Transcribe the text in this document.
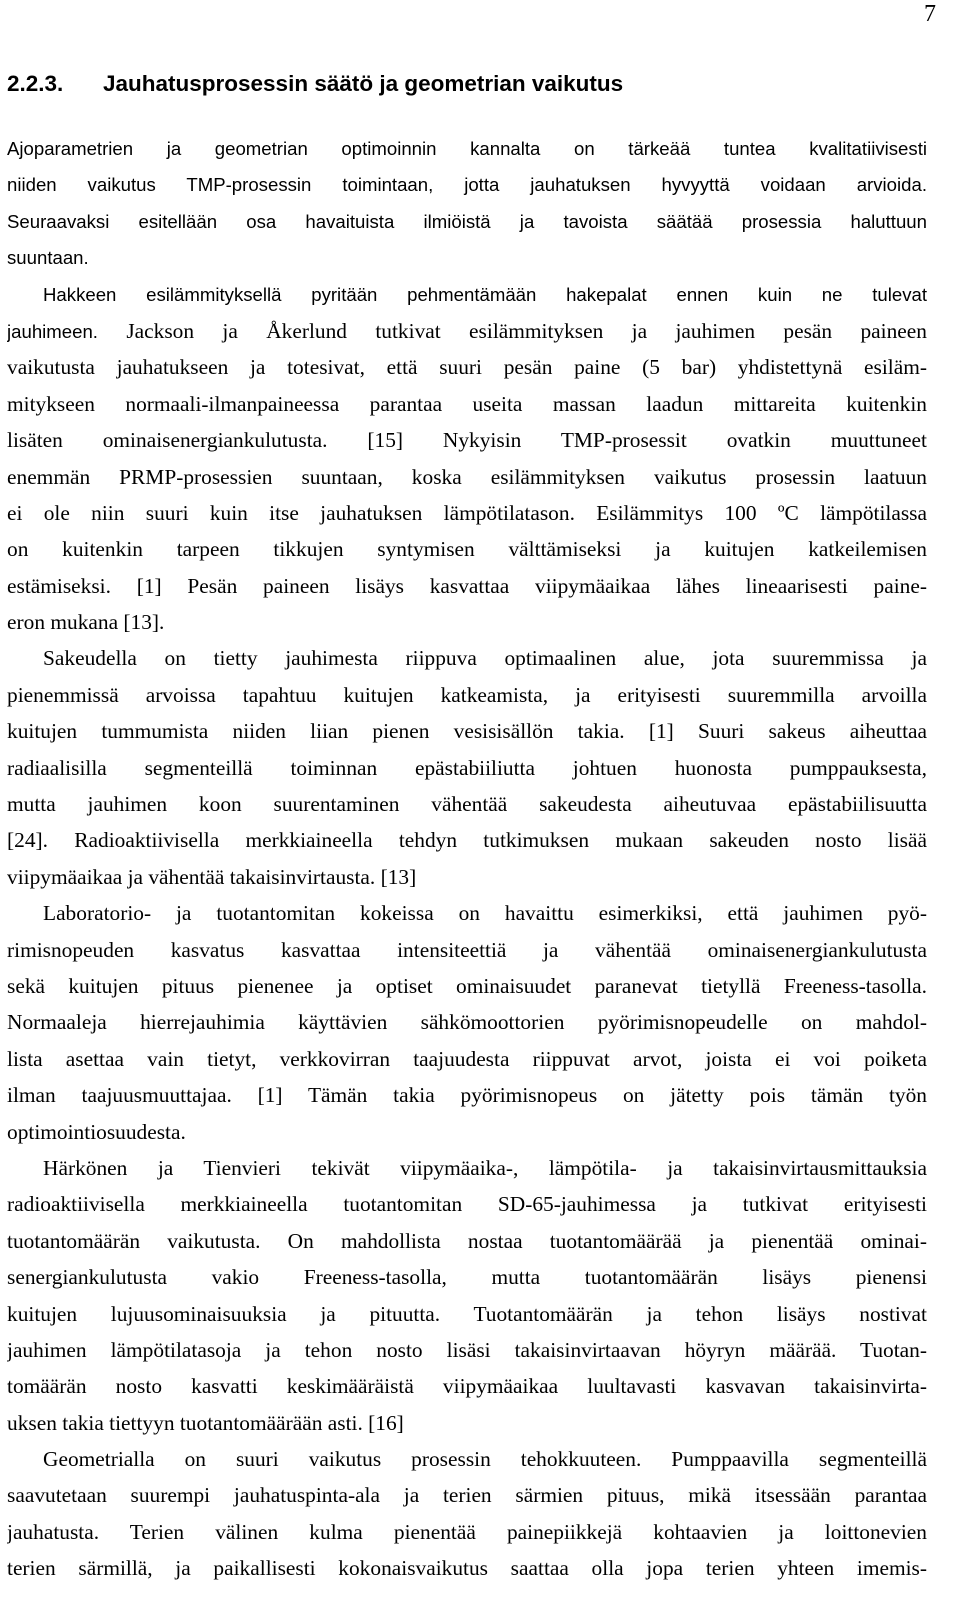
7
2.2.3. Jauhatusprosessin säätö ja geometrian vaikutus
Ajoparametrien ja geometrian optimoinnin kannalta on tärkeää tuntea kvalitatiivisesti
niiden vaikutus TMP-prosessin toimintaan, jotta jauhatuksen hyvyyttä voidaan arvioida.
Seuraavaksi esitellään osa havaituista ilmiöistä ja tavoista säätää prosessia haluttuun
suuntaan.
Hakkeen esilämmityksellä pyritään pehmentämään hakepalat ennen kuin ne tulevat
jauhimeen. Jackson ja Åkerlund tutkivat esilämmityksen ja jauhimen pesän paineen
vaikutusta jauhatukseen ja totesivat, että suuri pesän paine (5 bar) yhdistettynä esiläm-
mitykseen normaali-ilmanpaineessa parantaa useita massan laadun mittareita kuitenkin
lisäten ominaisenergiankulutusta. [15] Nykyisin TMP-prosessit ovatkin muuttuneet
enemmän PRMP-prosessien suuntaan, koska esilämmityksen vaikutus prosessin laatuun
ei ole niin suuri kuin itse jauhatuksen lämpötilatason. Esilämmitys 100 ºC lämpötilassa
on kuitenkin tarpeen tikkujen syntymisen välttämiseksi ja kuitujen katkeilemisen
estämiseksi. [1] Pesän paineen lisäys kasvattaa viipymäaikaa lähes lineaarisesti paine-
eron mukana [13].
Sakeudella on tietty jauhimesta riippuva optimaalinen alue, jota suuremmissa ja
pienemmissä arvoissa tapahtuu kuitujen katkeamista, ja erityisesti suuremmilla arvoilla
kuitujen tummumista niiden liian pienen vesisisällön takia. [1] Suuri sakeus aiheuttaa
radiaalisilla segmenteillä toiminnan epästabiiliutta johtuen huonosta pumppauksesta,
mutta jauhimen koon suurentaminen vähentää sakeudesta aiheutuvaa epästabiilisuutta
[24]. Radioaktiivisella merkkiaineella tehdyn tutkimuksen mukaan sakeuden nosto lisää
viipymäaikaa ja vähentää takaisinvirtausta. [13]
Laboratorio- ja tuotantomitan kokeissa on havaittu esimerkiksi, että jauhimen pyö-
rimisnopeuden kasvatus kasvattaa intensiteettiä ja vähentää ominaisenergiankulutusta
sekä kuitujen pituus pienenee ja optiset ominaisuudet paranevat tietyllä Freeness-tasolla.
Normaaleja hierrejauhimia käyttävien sähkömoottorien pyörimisnopeudelle on mahdol-
lista asettaa vain tietyt, verkkovirran taajuudesta riippuvat arvot, joista ei voi poiketa
ilman taajuusmuuttajaa. [1] Tämän takia pyörimisnopeus on jätetty pois tämän työn
optimointiosuudesta.
Härkönen ja Tienvieri tekivät viipymäaika-, lämpötila- ja takaisinvirtausmittauksia
radioaktiivisella merkkiaineella tuotantomitan SD-65-jauhimessa ja tutkivat erityisesti
tuotantomäärän vaikutusta. On mahdollista nostaa tuotantomäärää ja pienentää ominai-
senergiankulutusta vakio Freeness-tasolla, mutta tuotantomäärän lisäys pienensi
kuitujen lujuusominaisuuksia ja pituutta. Tuotantomäärän ja tehon lisäys nostivat
jauhimen lämpötilatasoja ja tehon nosto lisäsi takaisinvirtaavan höyryn määrää. Tuotan-
tomäärän nosto kasvatti keskimääräistä viipymäaikaa luultavasti kasvavan takaisinvirta-
uksen takia tiettyyn tuotantomäärään asti. [16]
Geometrialla on suuri vaikutus prosessin tehokkuuteen. Pumppaavilla segmenteillä
saavutetaan suurempi jauhatuspinta-ala ja terien särmien pituus, mikä itsessään parantaa
jauhatusta. Terien välinen kulma pienentää painepiikkejä kohtaavien ja loittonevien
terien särmillä, ja paikallisesti kokonaisvaikutus saattaa olla jopa terien yhteen imemis-
